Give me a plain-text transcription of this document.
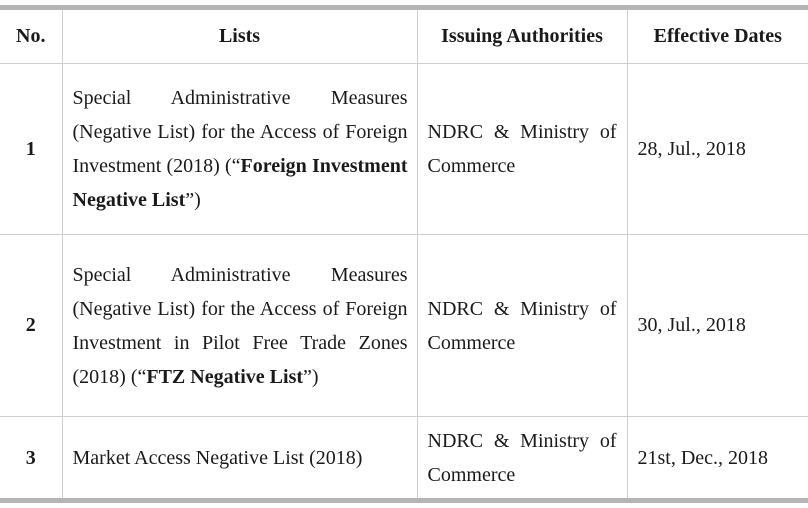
No.	Lists	Issuing Authorities	Effective Dates
1	Special Administrative Measures (Negative List) for the Access of Foreign Investment (2018) (“Foreign Investment Negative List”)	NDRC & Ministry of Commerce	28, Jul., 2018
2	Special Administrative Measures (Negative List) for the Access of Foreign Investment in Pilot Free Trade Zones (2018) (“FTZ Negative List”)	NDRC & Ministry of Commerce	30, Jul., 2018
3	Market Access Negative List (2018)	NDRC & Ministry of Commerce	21st, Dec., 2018
